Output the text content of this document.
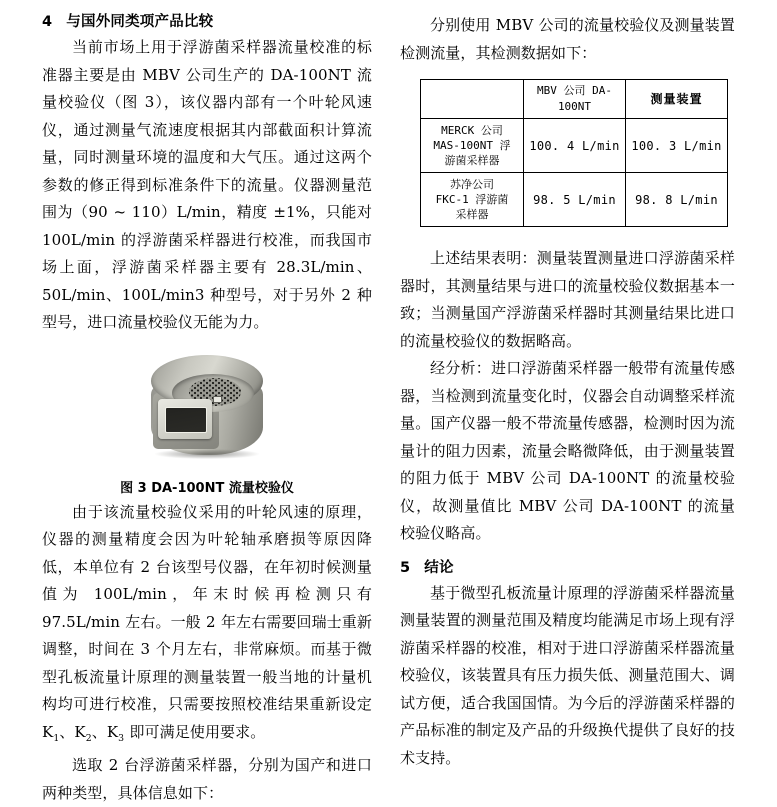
4 与国外同类项产品比较

当前市场上用于浮游菌采样器流量校准的标准器主要是由 MBV 公司生产的 DA-100NT 流量校验仪（图 3），该仪器内部有一个叶轮风速仪，通过测量气流速度根据其内部截面积计算流量，同时测量环境的温度和大气压。通过这两个参数的修正得到标准条件下的流量。仪器测量范围为（90 ~ 110）L/min，精度 ±1%，只能对 100L/min 的浮游菌采样器进行校准，而我国市场上面，浮游菌采样器主要有 28.3L/min、50L/min、100L/min3 种型号，对于另外 2 种型号，进口流量校验仪无能为力。

图 3 DA-100NT 流量校验仪

由于该流量校验仪采用的叶轮风速的原理，仪器的测量精度会因为叶轮轴承磨损等原因降低，本单位有 2 台该型号仪器，在年初时候测量值为 100L/min，年末时候再检测只有 97.5L/min 左右。一般 2 年左右需要回瑞士重新调整，时间在 3 个月左右，非常麻烦。而基于微型孔板流量计原理的测量装置一般当地的计量机构均可进行校准，只需要按照校准结果重新设定 $K_1$、$K_2$、$K_3$ 即可满足使用要求。

选取 2 台浮游菌采样器，分别为国产和进口两种类型，具体信息如下：

分别使用 MBV 公司的流量校验仪及测量装置检测流量，其检测数据如下：

	MBV 公司 DA-100NT	测量装置
MERCK 公司
MAS-100NT 浮
游菌采样器	100. 4 L/min	100. 3 L/min
苏净公司
FKC-1 浮游菌
采样器	98. 5 L/min	98. 8 L/min

上述结果表明：测量装置测量进口浮游菌采样器时，其测量结果与进口的流量校验仪数据基本一致；当测量国产浮游菌采样器时其测量结果比进口的流量校验仪的数据略高。

经分析：进口浮游菌采样器一般带有流量传感器，当检测到流量变化时，仪器会自动调整采样流量。国产仪器一般不带流量传感器，检测时因为流量计的阻力因素，流量会略微降低，由于测量装置的阻力低于 MBV 公司 DA-100NT 的流量校验仪，故测量值比 MBV 公司 DA-100NT 的流量校验仪略高。

5 结论

基于微型孔板流量计原理的浮游菌采样器流量测量装置的测量范围及精度均能满足市场上现有浮游菌采样器的校准，相对于进口浮游菌采样器流量校验仪，该装置具有压力损失低、测量范围大、调试方便，适合我国国情。为今后的浮游菌采样器的产品标准的制定及产品的升级换代提供了良好的技术支持。
